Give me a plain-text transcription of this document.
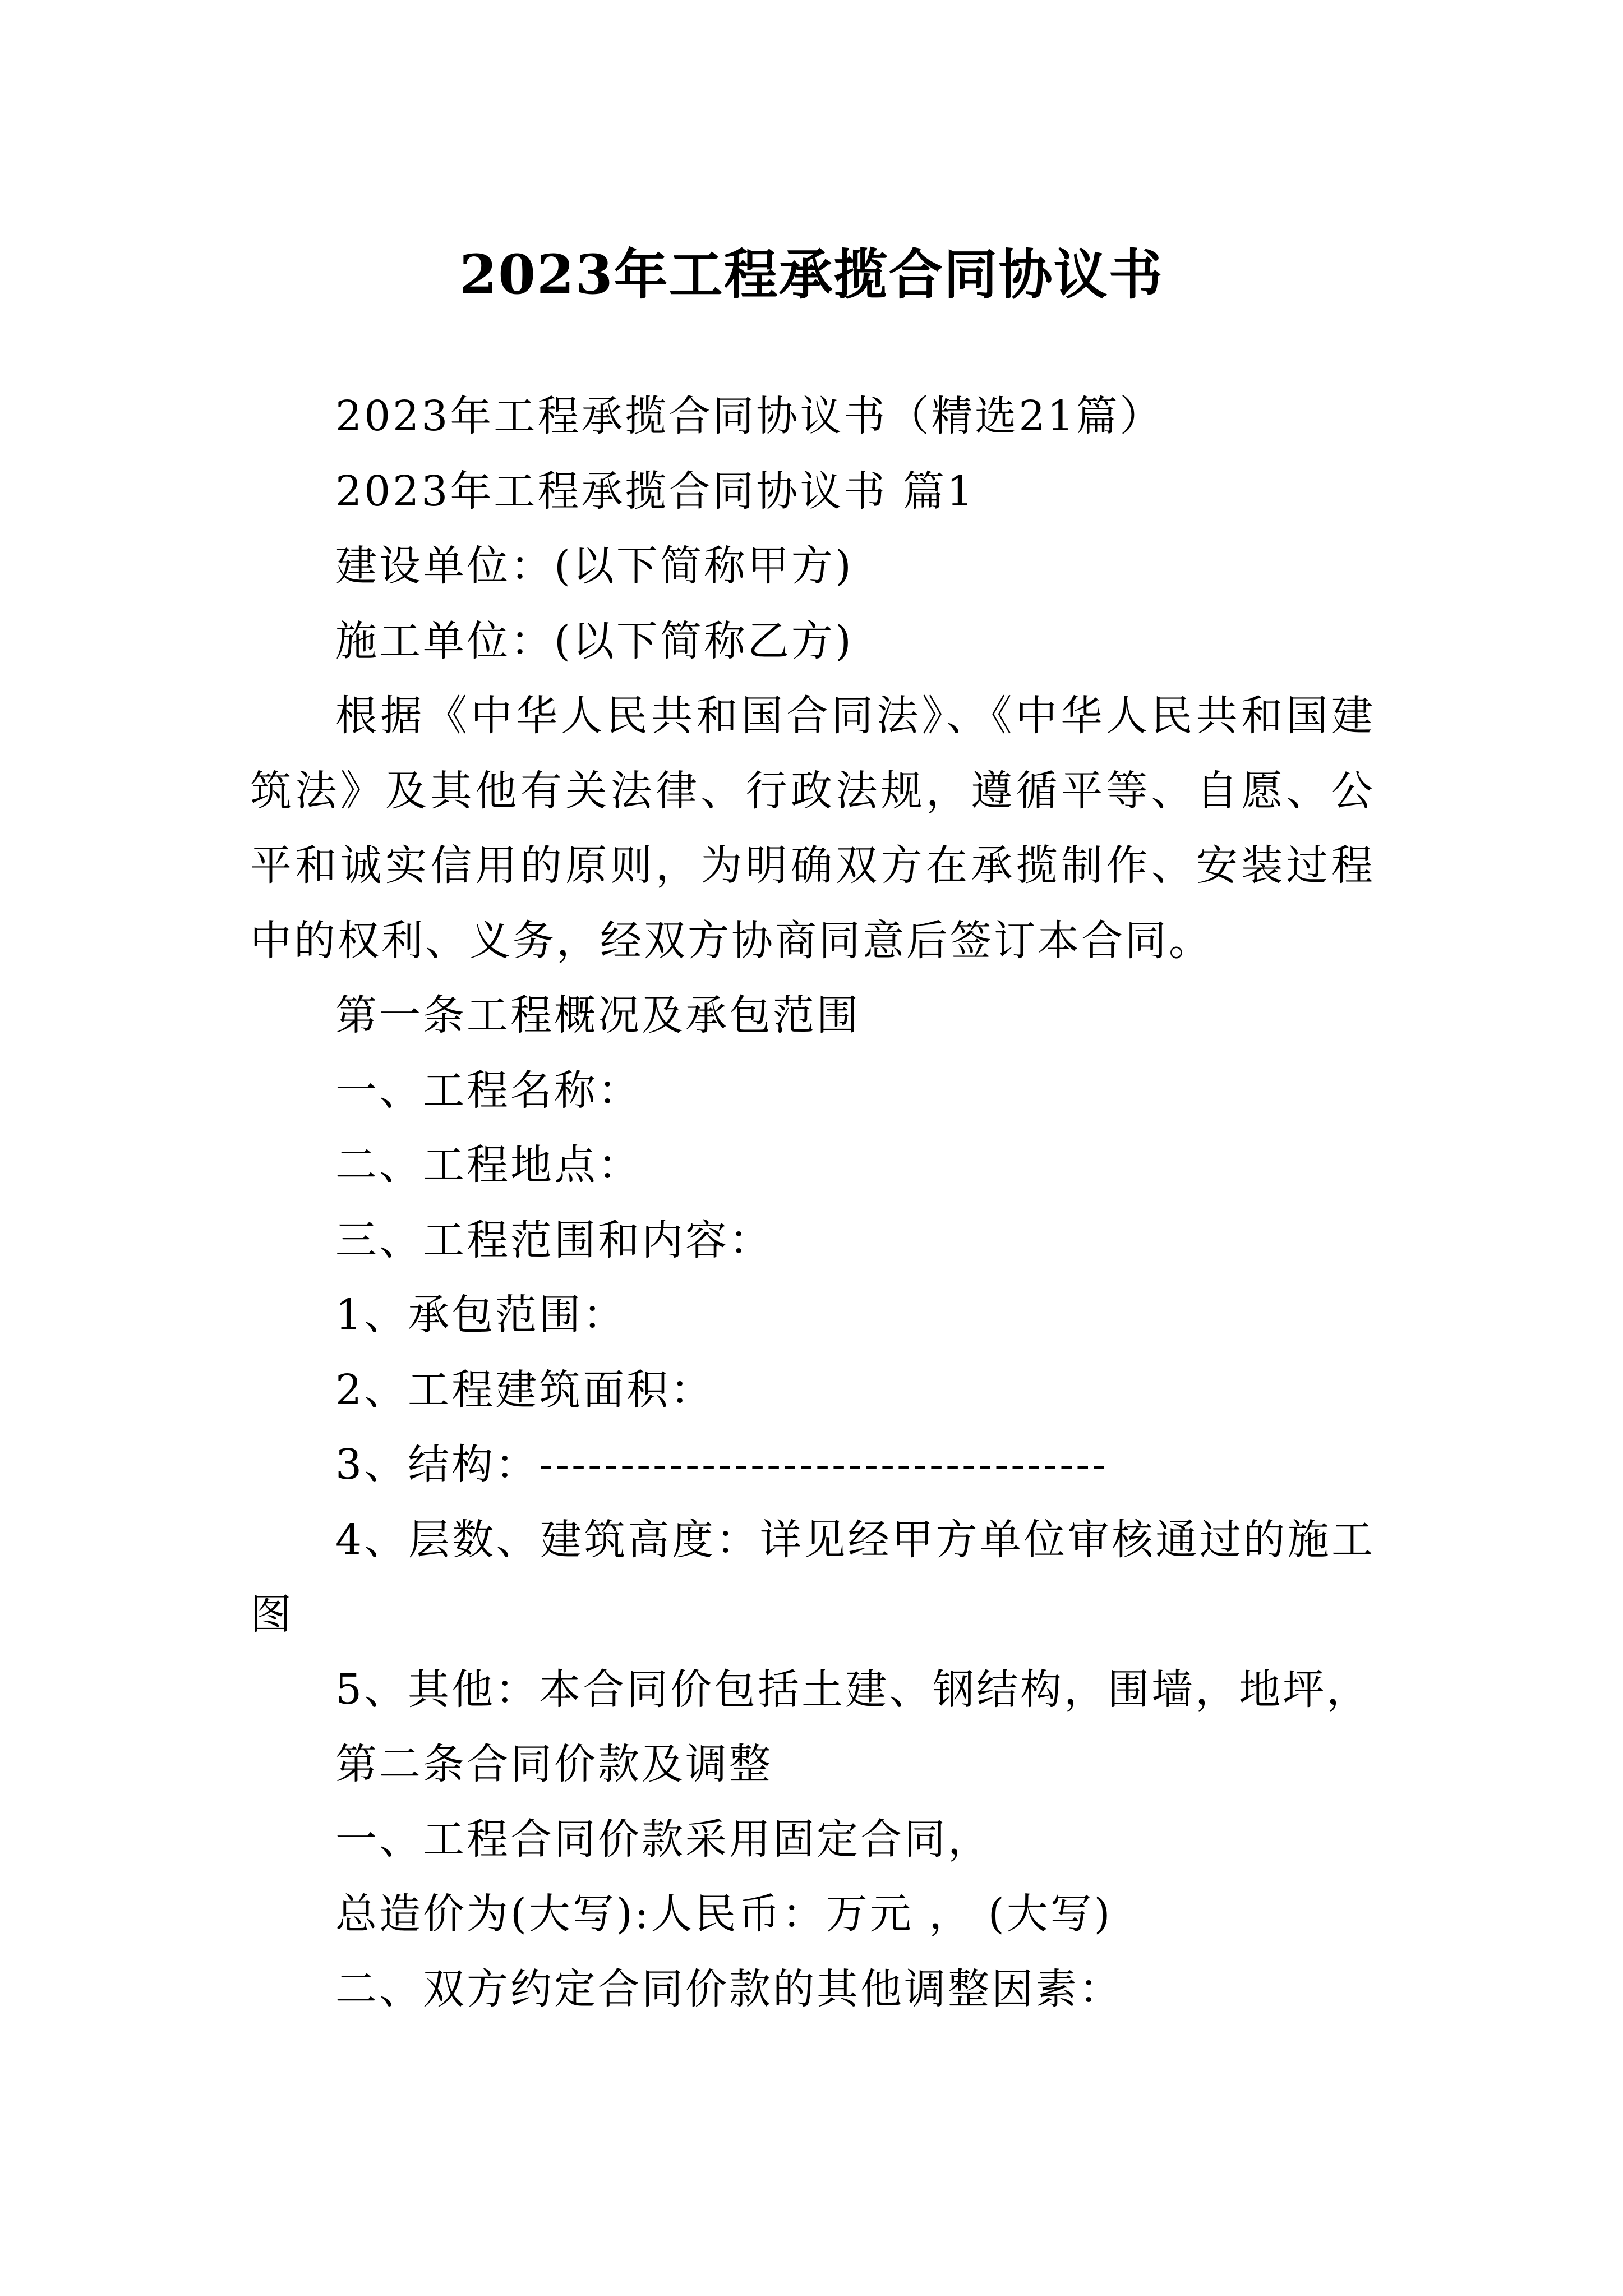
2023年工程承揽合同协议书

2023年工程承揽合同协议书（精选21篇）

2023年工程承揽合同协议书 篇1

建设单位：(以下简称甲方)

施工单位：(以下简称乙方)

根据《中华人民共和国合同法》、《中华人民共和国建筑法》及其他有关法律、行政法规，遵循平等、自愿、公平和诚实信用的原则，为明确双方在承揽制作、安装过程中的权利、义务，经双方协商同意后签订本合同。

第一条工程概况及承包范围

一、工程名称：

二、工程地点：

三、工程范围和内容：

1、承包范围：

2、工程建筑面积：

3、结构：-----------------------------------

4、层数、建筑高度：详见经甲方单位审核通过的施工图

5、其他：本合同价包括土建、钢结构，围墙，地坪，

第二条合同价款及调整

一、工程合同价款采用固定合同，

总造价为(大写):人民币：万元 ， (大写)

二、双方约定合同价款的其他调整因素：
